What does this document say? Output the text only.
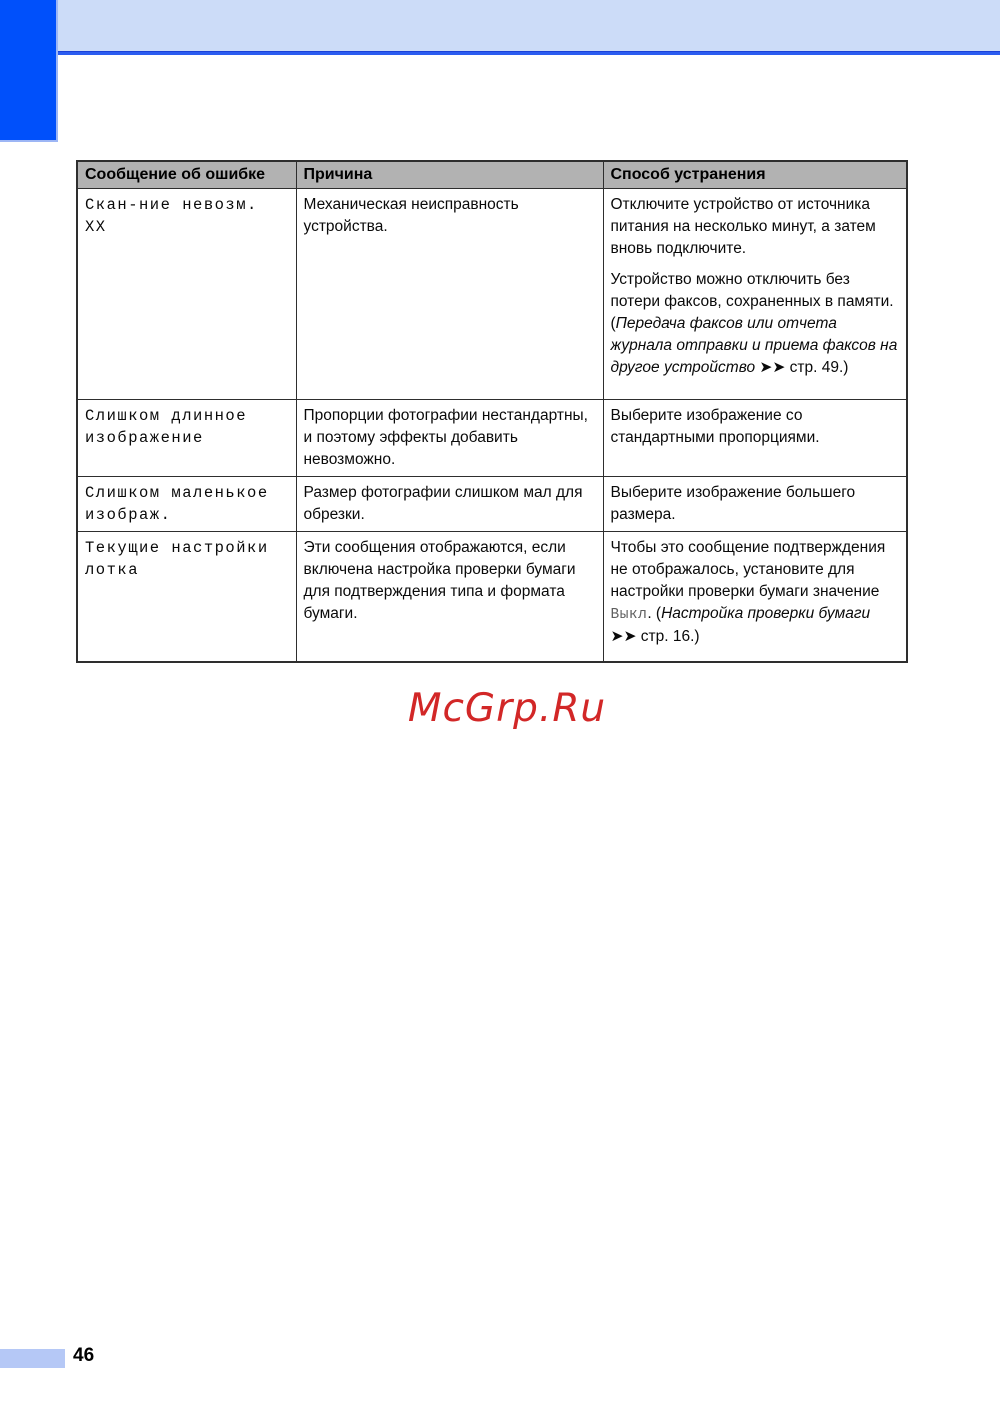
Сообщение об ошибке	Причина	Способ устранения
Скан-ние невозм. XX	Механическая неисправность устройства.	Отключите устройство от источника питания на несколько минут, а затем вновь подключите.

Устройство можно отключить без потери факсов, сохраненных в памяти. (Передача факсов или отчета журнала отправки и приема факсов на другое устройство ➤➤ стр. 49.)

Слишком длинное изображение	Пропорции фотографии нестандартны, и поэтому эффекты добавить невозможно.	Выберите изображение со стандартными пропорциями.
Слишком маленькое изображ.	Размер фотографии слишком мал для обрезки.	Выберите изображение большего размера.
Текущие настройки лотка	Эти сообщения отображаются, если включена настройка проверки бумаги для подтверждения типа и формата бумаги.	Чтобы это сообщение подтверждения не отображалось, установите для настройки проверки бумаги значение Выкл. (Настройка проверки бумаги ➤➤ стр. 16.)

McGrp.Ru
46
